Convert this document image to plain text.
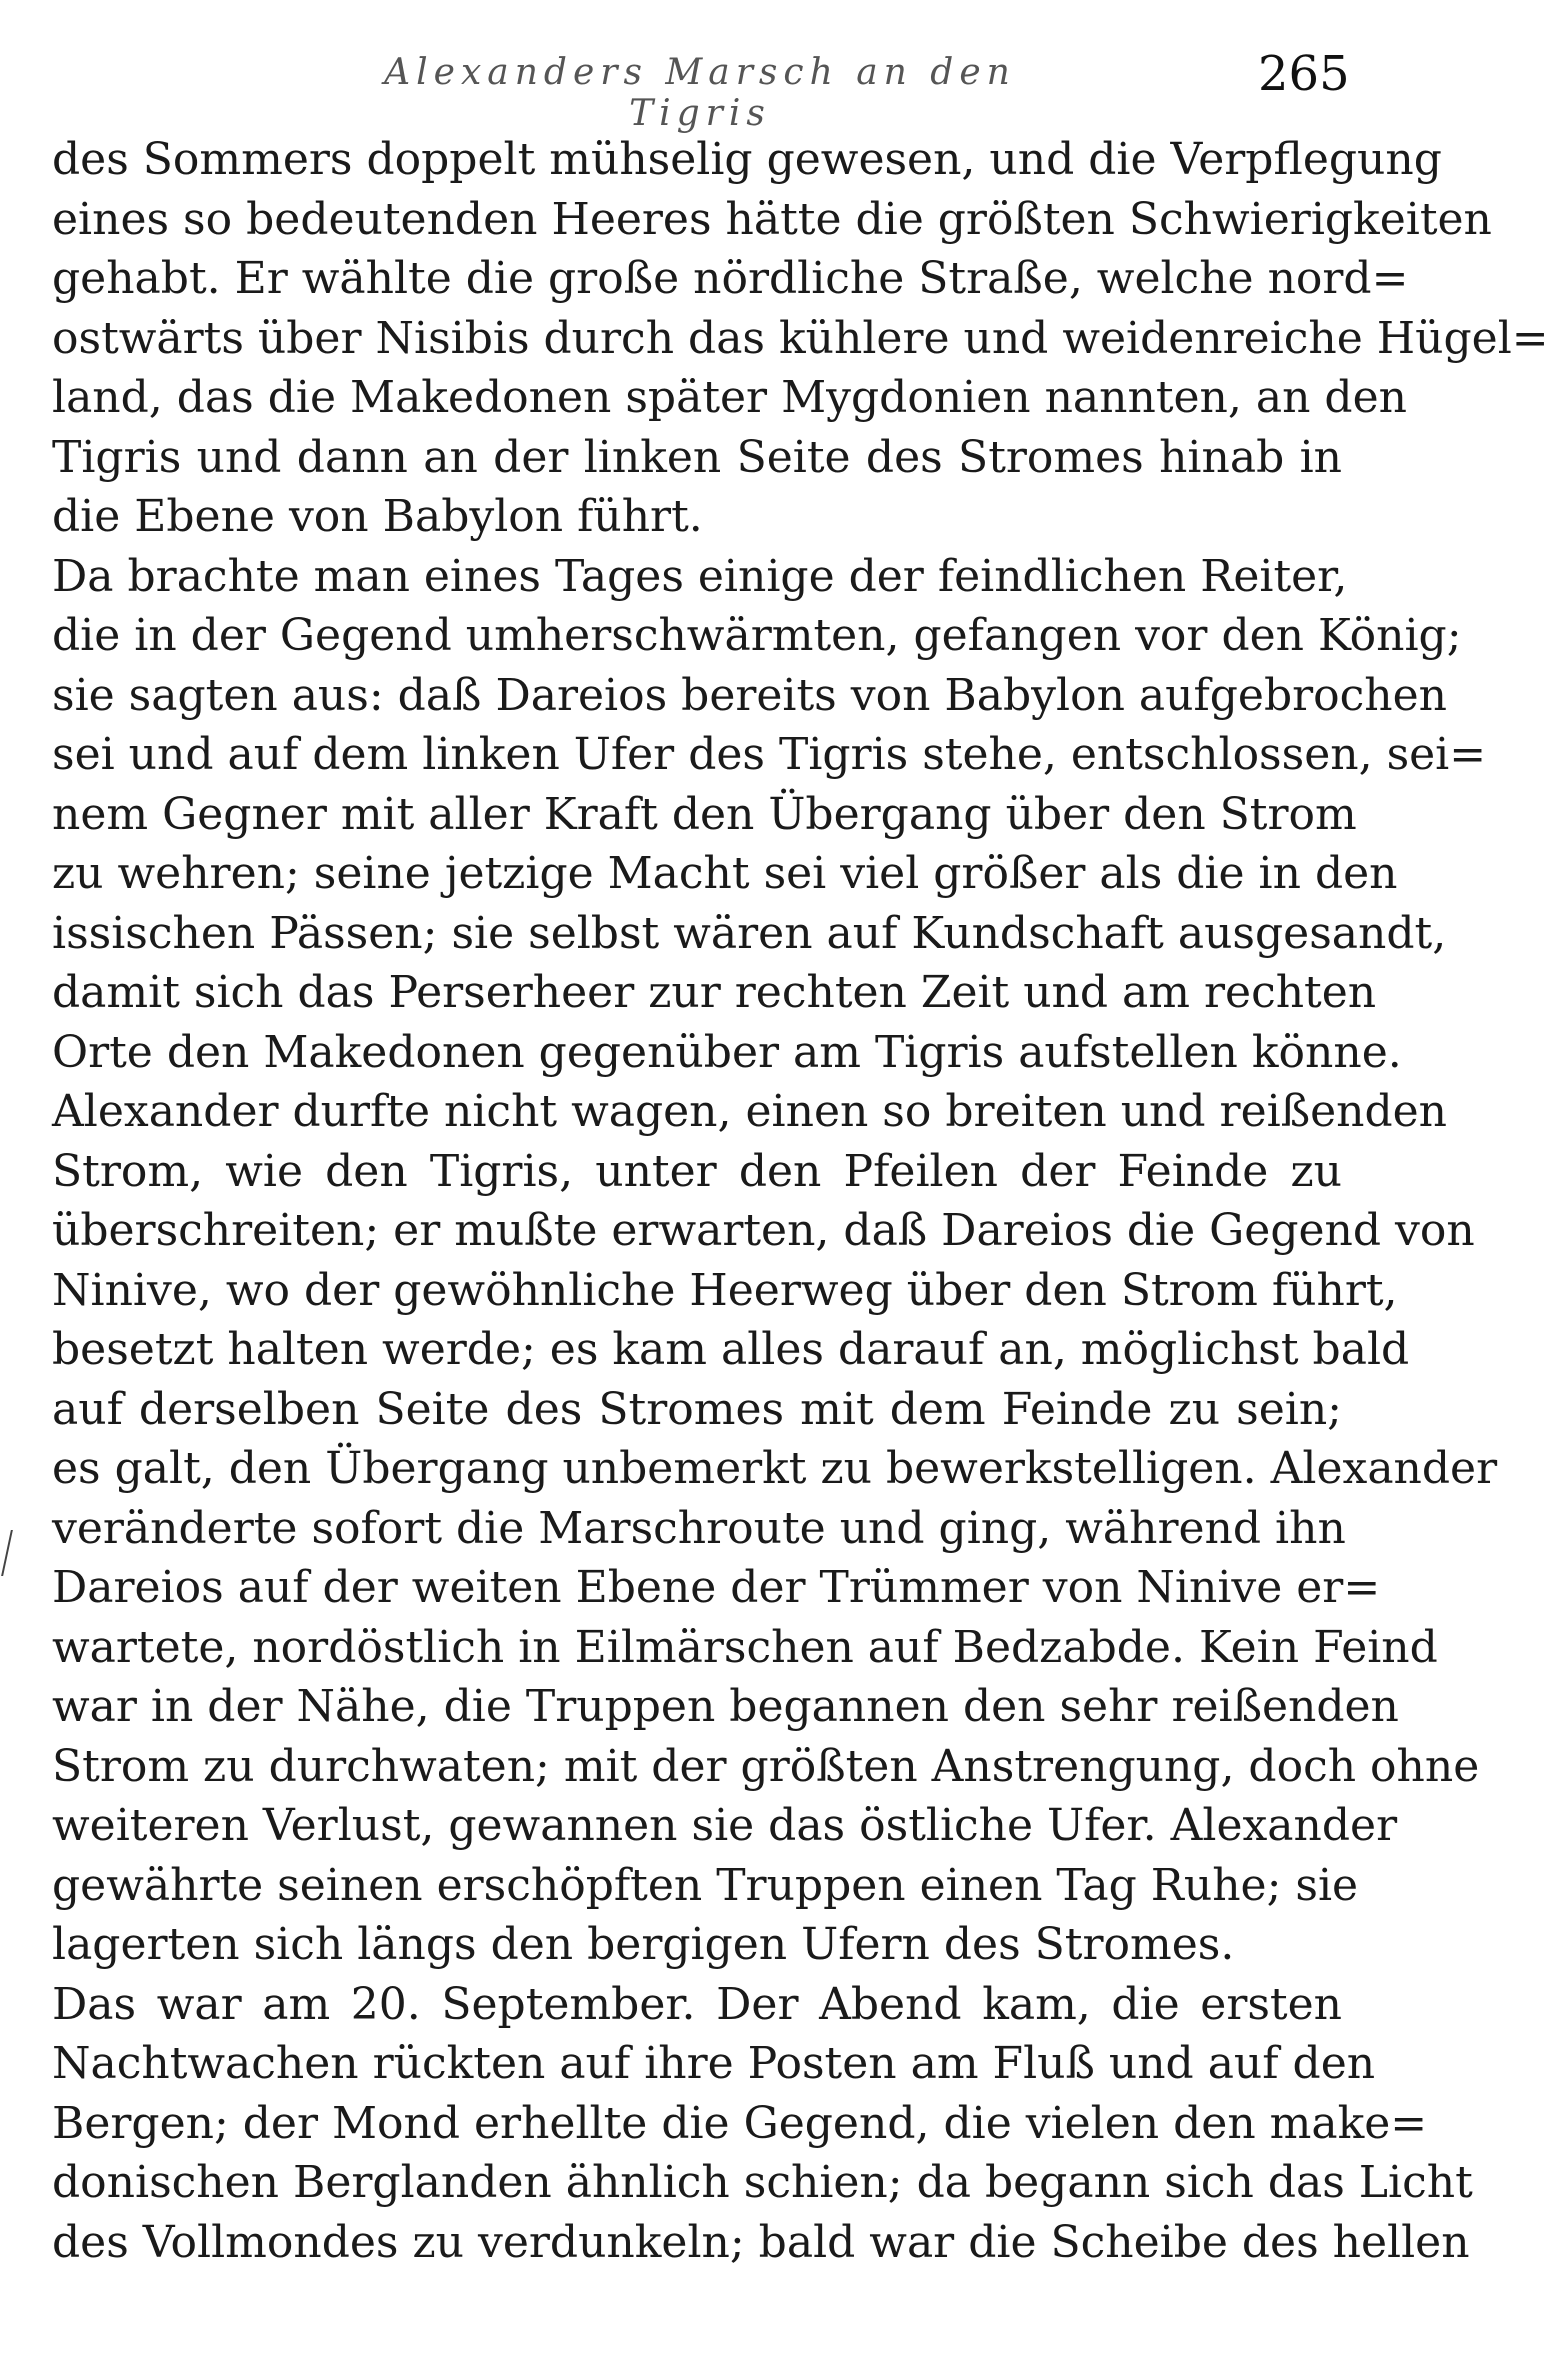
Alexanders Marsch an den Tigris
265
des Sommers doppelt mühselig gewesen, und die Verpflegung
eines so bedeutenden Heeres hätte die größten Schwierigkeiten
gehabt. Er wählte die große nördliche Straße, welche nord=
ostwärts über Nisibis durch das kühlere und weidenreiche Hügel=
land, das die Makedonen später Mygdonien nannten, an den
Tigris und dann an der linken Seite des Stromes hinab in
die Ebene von Babylon führt.
Da brachte man eines Tages einige der feindlichen Reiter,
die in der Gegend umherschwärmten, gefangen vor den König;
sie sagten aus: daß Dareios bereits von Babylon aufgebrochen
sei und auf dem linken Ufer des Tigris stehe, entschlossen, sei=
nem Gegner mit aller Kraft den Übergang über den Strom
zu wehren; seine jetzige Macht sei viel größer als die in den
issischen Pässen; sie selbst wären auf Kundschaft ausgesandt,
damit sich das Perserheer zur rechten Zeit und am rechten
Orte den Makedonen gegenüber am Tigris aufstellen könne.
Alexander durfte nicht wagen, einen so breiten und reißenden
Strom, wie den Tigris, unter den Pfeilen der Feinde zu
überschreiten; er mußte erwarten, daß Dareios die Gegend von
Ninive, wo der gewöhnliche Heerweg über den Strom führt,
besetzt halten werde; es kam alles darauf an, möglichst bald
auf derselben Seite des Stromes mit dem Feinde zu sein;
es galt, den Übergang unbemerkt zu bewerkstelligen. Alexander
veränderte sofort die Marschroute und ging, während ihn
Dareios auf der weiten Ebene der Trümmer von Ninive er=
wartete, nordöstlich in Eilmärschen auf Bedzabde. Kein Feind
war in der Nähe, die Truppen begannen den sehr reißenden
Strom zu durchwaten; mit der größten Anstrengung, doch ohne
weiteren Verlust, gewannen sie das östliche Ufer. Alexander
gewährte seinen erschöpften Truppen einen Tag Ruhe; sie
lagerten sich längs den bergigen Ufern des Stromes.
Das war am 20. September. Der Abend kam, die ersten
Nachtwachen rückten auf ihre Posten am Fluß und auf den
Bergen; der Mond erhellte die Gegend, die vielen den make=
donischen Berglanden ähnlich schien; da begann sich das Licht
des Vollmondes zu verdunkeln; bald war die Scheibe des hellen
